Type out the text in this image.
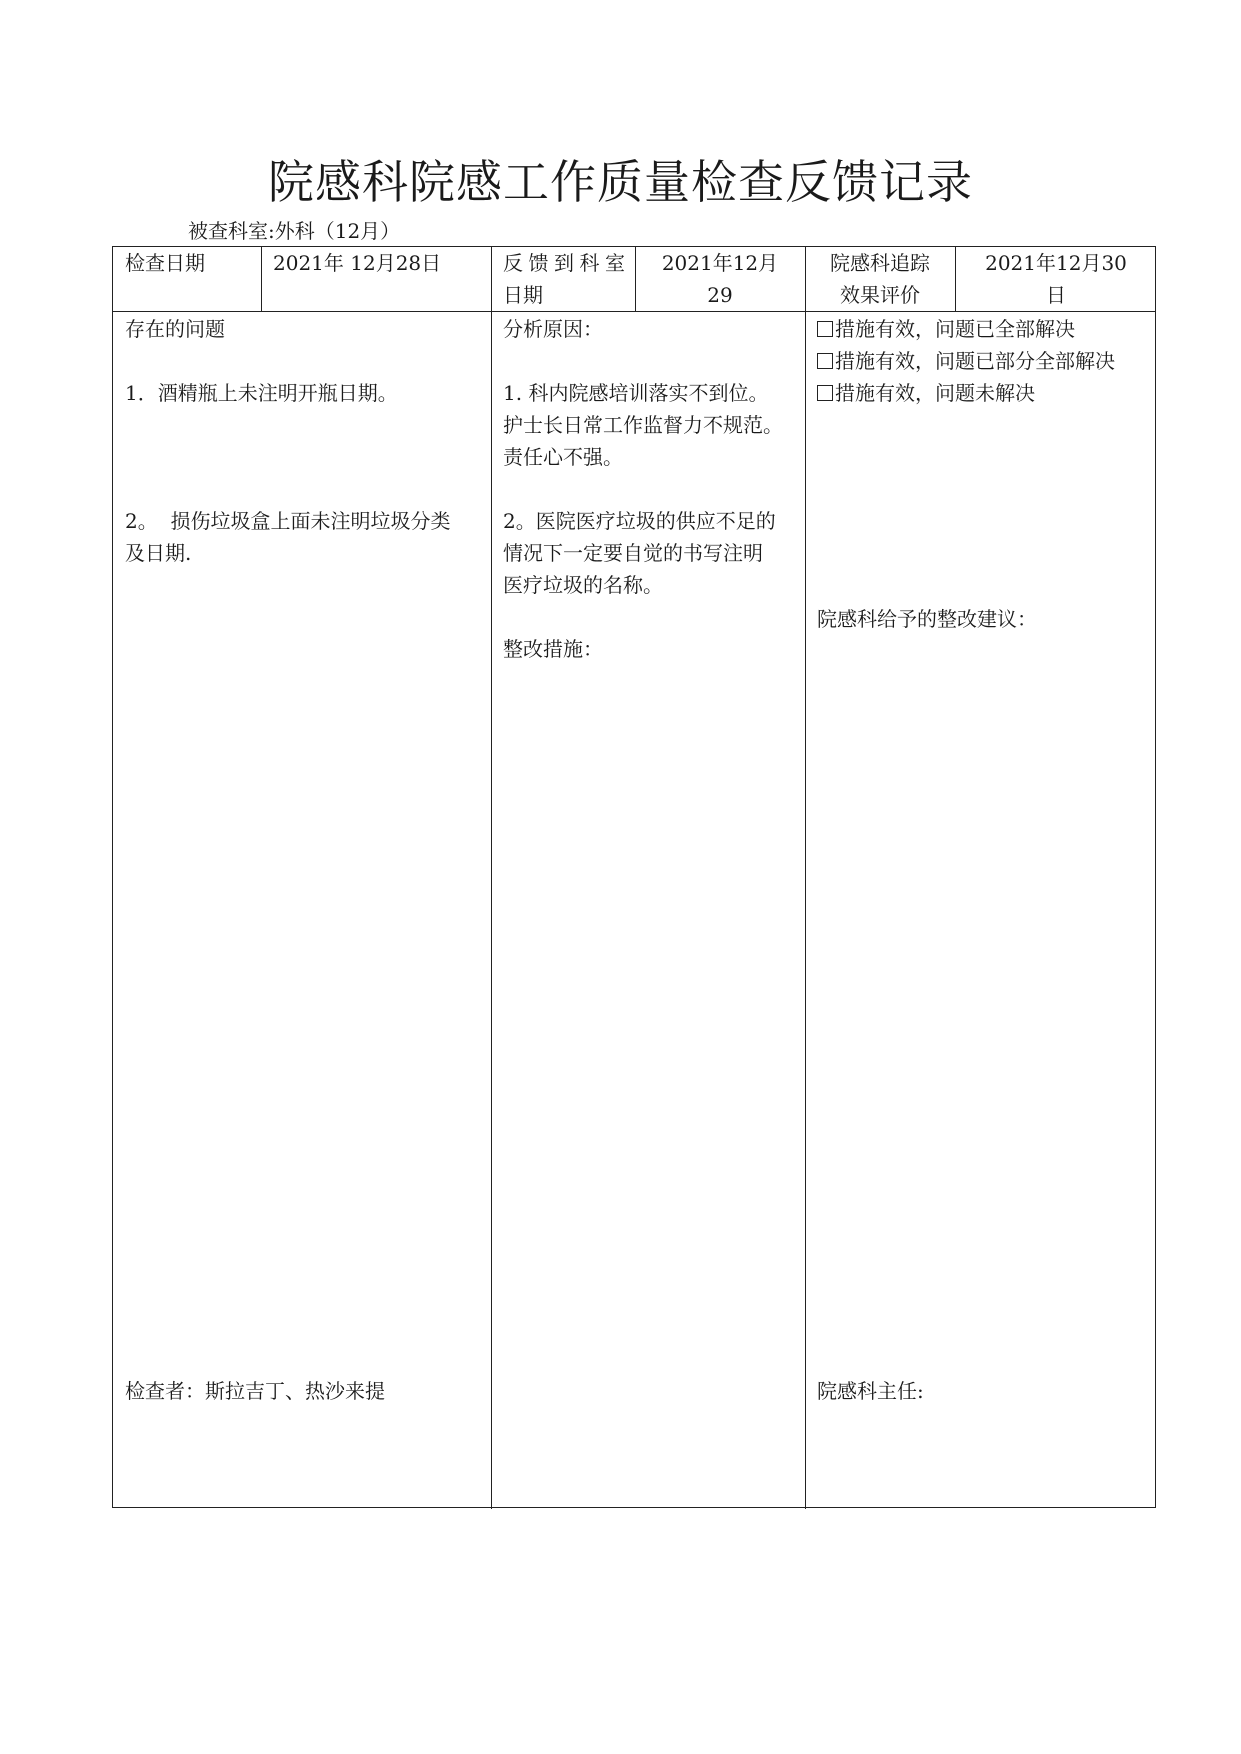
院感科院感工作质量检查反馈记录
被查科室:外科（12月）
检查日期	2021年 12月28日	反馈到科室
日期
2021年12月
29
院感科追踪
效果评价
2021年12月30
日

存在的问题

1．酒精瓶上未注明开瓶日期。

2。  损伤垃圾盒上面未注明垃圾分类

及日期.

检查者：斯拉吉丁、热沙来提

分析原因：

1. 科内院感培训落实不到位。

护士长日常工作监督力不规范。

责任心不强。

2。医院医疗垃圾的供应不足的

情况下一定要自觉的书写注明

医疗垃圾的名称。

整改措施：

措施有效，问题已全部解决

措施有效，问题已部分全部解决

措施有效，问题未解决

院感科给予的整改建议：
院感科主任:
